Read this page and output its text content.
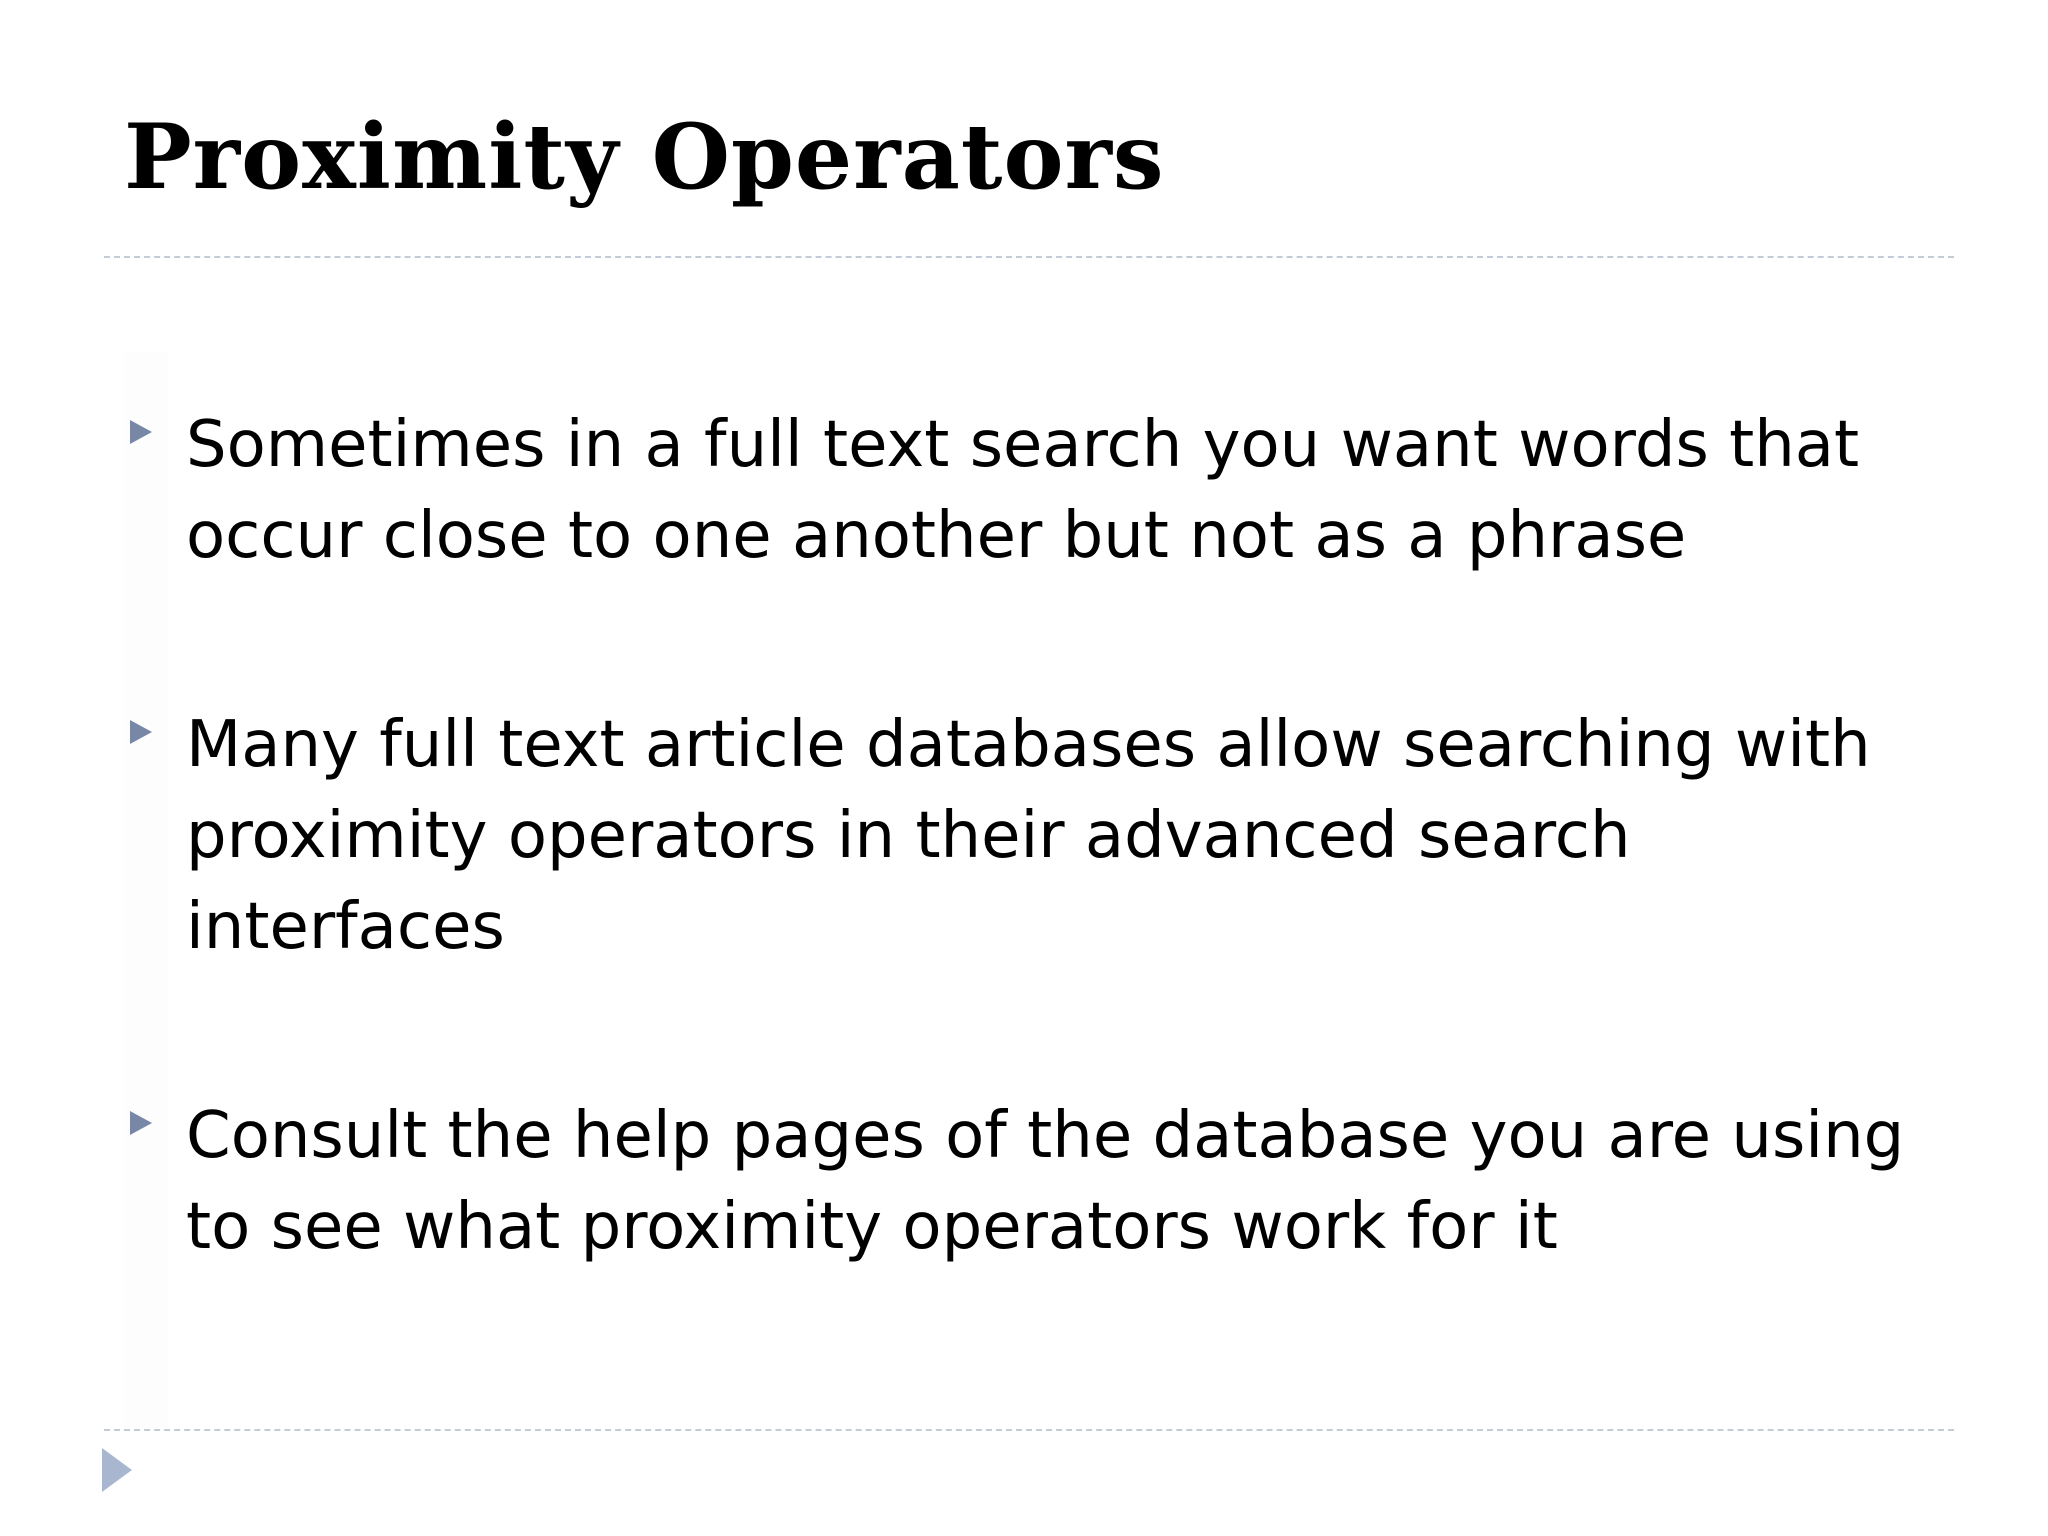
Proximity Operators
Sometimes in a full text search you want words that occur close to one another but not as a phrase
Many full text article databases allow searching with proximity operators in their advanced search interfaces
Consult the help pages of the database you are using to see what proximity operators work for it
